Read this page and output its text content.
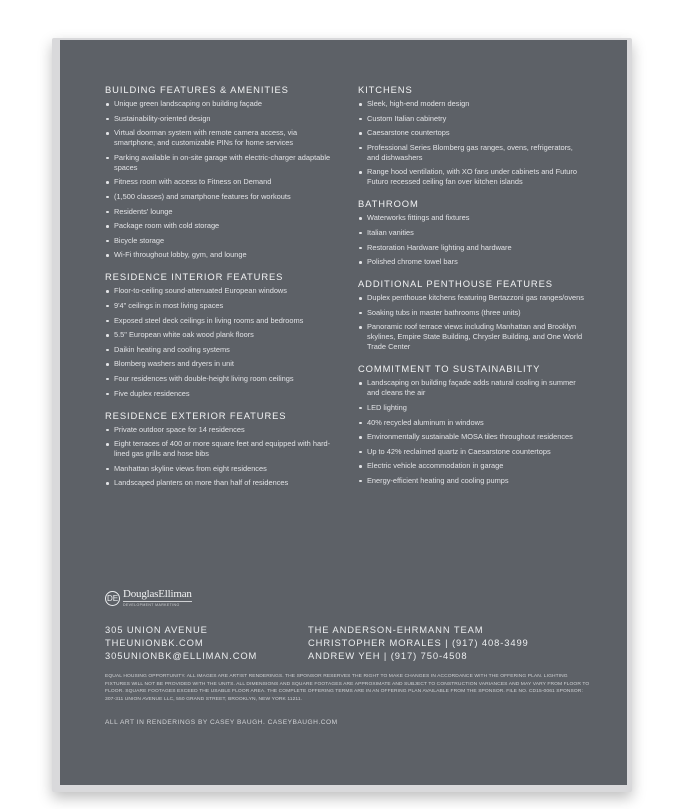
BUILDING FEATURES & AMENITIES
Unique green landscaping on building façade
Sustainability-oriented design
Virtual doorman system with remote camera access, via smartphone, and customizable PINs for home services
Parking available in on-site garage with electric-charger adaptable spaces
Fitness room with access to Fitness on Demand
(1,500 classes) and smartphone features for workouts
Residents' lounge
Package room with cold storage
Bicycle storage
Wi-Fi throughout lobby, gym, and lounge
RESIDENCE INTERIOR FEATURES
Floor-to-ceiling sound-attenuated European windows
9'4" ceilings in most living spaces
Exposed steel deck ceilings in living rooms and bedrooms
5.5" European white oak wood plank floors
Daikin heating and cooling systems
Blomberg washers and dryers in unit
Four residences with double-height living room ceilings
Five duplex residences
RESIDENCE EXTERIOR FEATURES
Private outdoor space for 14 residences
Eight terraces of 400 or more square feet and equipped with hard-lined gas grills and hose bibs
Manhattan skyline views from eight residences
Landscaped planters on more than half of residences
KITCHENS
Sleek, high-end modern design
Custom Italian cabinetry
Caesarstone countertops
Professional Series Blomberg gas ranges, ovens, refrigerators, and dishwashers
Range hood ventilation, with XO fans under cabinets and Futuro Futuro recessed ceiling fan over kitchen islands
BATHROOM
Waterworks fittings and fixtures
Italian vanities
Restoration Hardware lighting and hardware
Polished chrome towel bars
ADDITIONAL PENTHOUSE FEATURES
Duplex penthouse kitchens featuring Bertazzoni gas ranges/ovens
Soaking tubs in master bathrooms (three units)
Panoramic roof terrace views including Manhattan and Brooklyn skylines, Empire State Building, Chrysler Building, and One World Trade Center
COMMITMENT TO SUSTAINABILITY
Landscaping on building façade adds natural cooling in summer and cleans the air
LED lighting
40% recycled aluminum in windows
Environmentally sustainable MOSA tiles throughout residences
Up to 42% reclaimed quartz in Caesarstone countertops
Electric vehicle accommodation in garage
Energy-efficient heating and cooling pumps
DE DouglasElliman
DEVELOPMENT MARKETING
305 UNION AVENUE
THEUNIONBK.COM
305UNIONBK@ELLIMAN.COM
THE ANDERSON-EHRMANN TEAM
CHRISTOPHER MORALES | (917) 408-3499
ANDREW YEH | (917) 750-4508
EQUAL HOUSING OPPORTUNITY. ALL IMAGES ARE ARTIST RENDERINGS. THE SPONSOR RESERVES THE RIGHT TO MAKE CHANGES IN ACCORDANCE WITH THE OFFERING PLAN. LIGHTING FIXTURES WILL NOT BE PROVIDED WITH THE UNITS. ALL DIMENSIONS AND SQUARE FOOTAGES ARE APPROXIMATE AND SUBJECT TO CONSTRUCTION VARIANCES AND MAY VARY FROM FLOOR TO FLOOR. SQUARE FOOTAGES EXCEED THE USABLE FLOOR AREA. THE COMPLETE OFFERING TERMS ARE IN AN OFFERING PLAN AVAILABLE FROM THE SPONSOR. FILE NO. CD15-0061 SPONSOR: 307-311 UNION AVENUE LLC, 550 GRAND STREET, BROOKLYN, NEW YORK 11211.
ALL ART IN RENDERINGS BY CASEY BAUGH. CASEYBAUGH.COM
